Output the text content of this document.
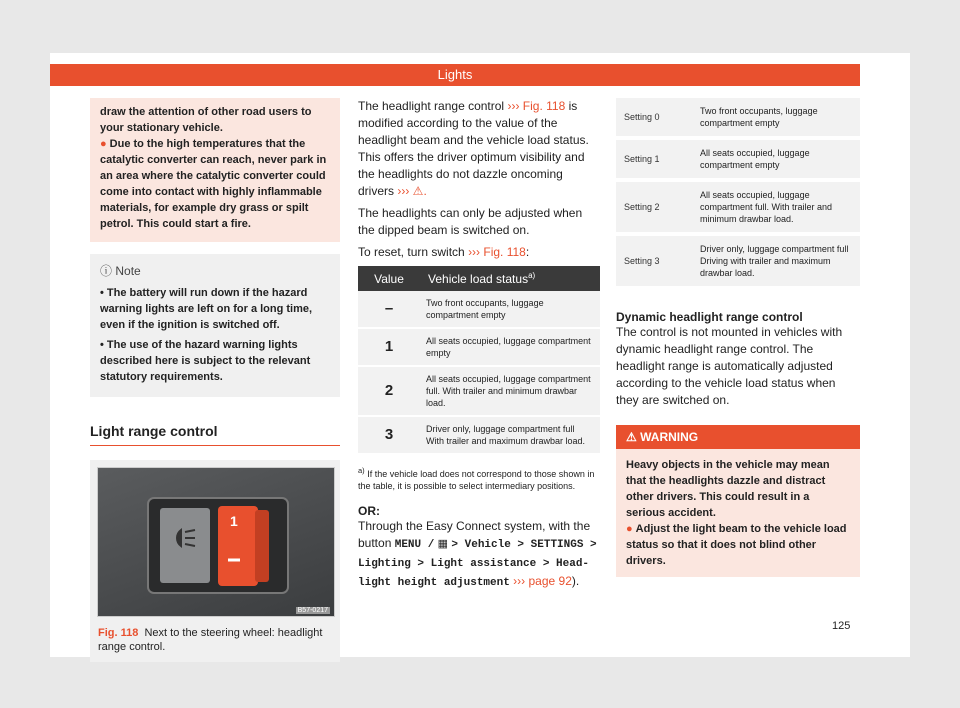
Lights
draw the attention of other road users to your stationary vehicle.
● Due to the high temperatures that the catalytic converter can reach, never park in an area where the catalytic converter could come into contact with highly inflammable materials, for example dry grass or spilt petrol. This could start a fire.
ⓘ Note
• The battery will run down if the hazard warning lights are left on for a long time, even if the ignition is switched off.
• The use of the hazard warning lights described here is subject to the relevant statutory requirements.
Light range control
1
B57-0217
Fig. 118 Next to the steering wheel: headlight range control.

The headlight range control ››› Fig. 118 is modified according to the value of the headlight beam and the vehicle load status. This offers the driver optimum visibility and the headlights do not dazzle oncoming drivers ››› ⚠.

The headlights can only be adjusted when the dipped beam is switched on.

To reset, turn switch ››› Fig. 118:

Value	Vehicle load status$^{a)}$
–	Two front occupants, luggage compartment empty
1	All seats occupied, luggage compartment empty
2	All seats occupied, luggage compartment full. With trailer and minimum drawbar load.
3	Driver only, luggage compartment full With trailer and maximum drawbar load.
$^{a)}$ If the vehicle load does not correspond to those shown in the table, it is possible to select intermediary positions.
OR:

Through the Easy Connect system, with the button MENU / ▦ > Vehicle > SETTINGS > Lighting > Light assistance > Head-light height adjustment ››› page 92).

Setting 0	Two front occupants, luggage compartment empty
Setting 1	All seats occupied, luggage compartment empty
Setting 2	All seats occupied, luggage compartment full. With trailer and minimum drawbar load.
Setting 3	Driver only, luggage compartment full Driving with trailer and maximum drawbar load.
Dynamic headlight range control

The control is not mounted in vehicles with dynamic headlight range control. The headlight range is automatically adjusted according to the vehicle load status when they are switched on.

⚠ WARNING
Heavy objects in the vehicle may mean that the headlights dazzle and distract other drivers. This could result in a serious accident.
● Adjust the light beam to the vehicle load status so that it does not blind other drivers.
125
